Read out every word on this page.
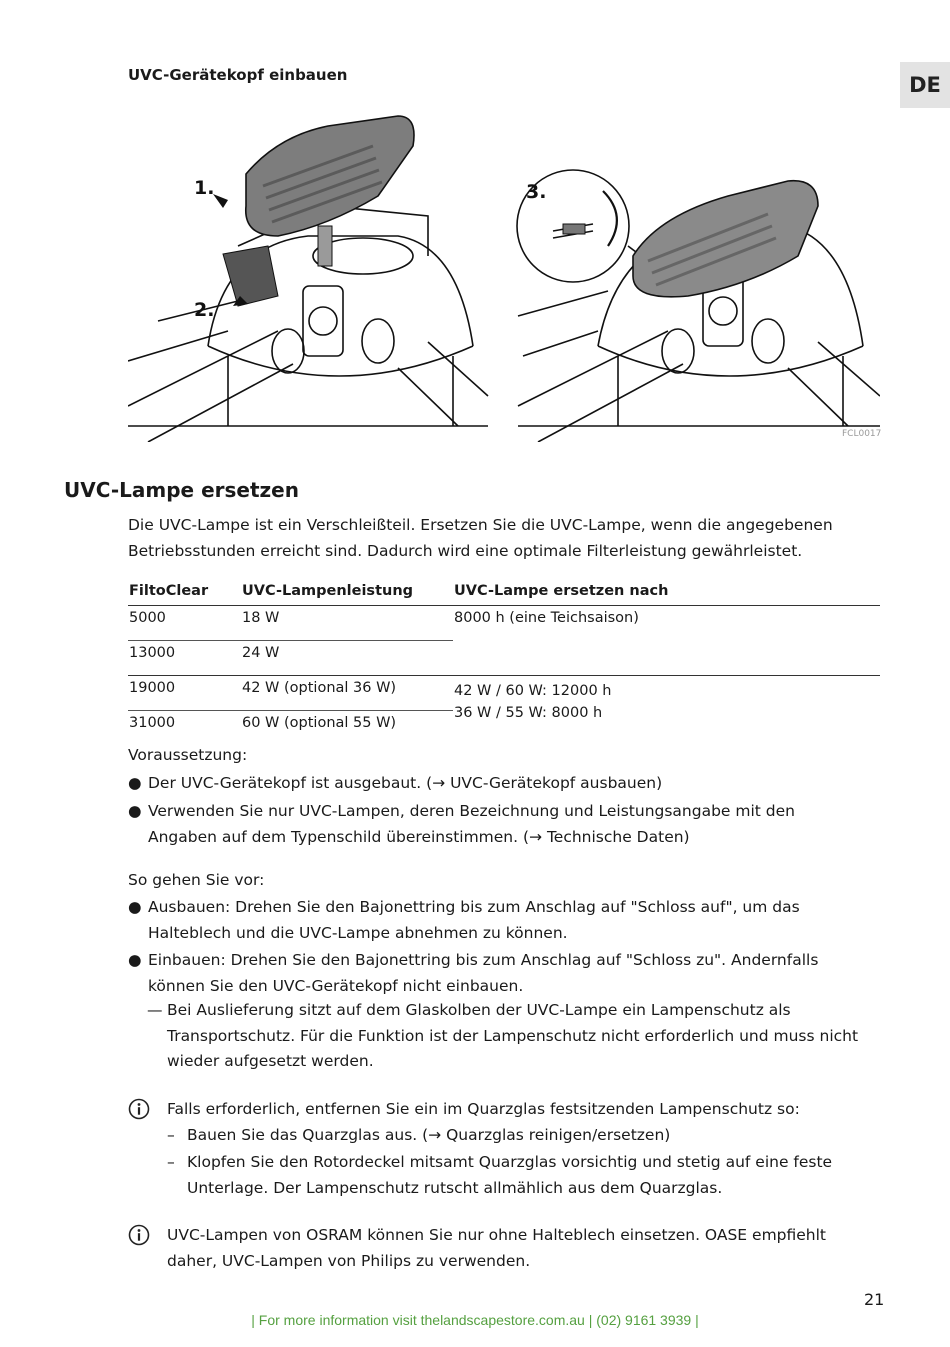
DE
UVC-Gerätekopf einbauen
1.
2.
3.
FCL0017
UVC-Lampe ersetzen
Die UVC-Lampe ist ein Verschleißteil. Ersetzen Sie die UVC-Lampe, wenn die angegebenen Betriebsstunden erreicht sind. Dadurch wird eine optimale Filterleistung gewährleistet.
FiltoClear	UVC-Lampenleistung	UVC-Lampe ersetzen nach
5000	18 W	8000 h (eine Teichsaison)
13000	24 W	
19000	42 W (optional 36 W)	42 W / 60 W: 12000 h
36 W / 55 W: 8000 h

31000	60 W (optional 55 W)	
Voraussetzung:
● Der UVC-Gerätekopf ist ausgebaut. (→ UVC-Gerätekopf ausbauen)
● Verwenden Sie nur UVC-Lampen, deren Bezeichnung und Leistungsangabe mit den Angaben auf dem Typenschild übereinstimmen. (→ Technische Daten)
So gehen Sie vor:
● Ausbauen: Drehen Sie den Bajonettring bis zum Anschlag auf "Schloss auf", um das Halteblech und die UVC-Lampe abnehmen zu können.
● Einbauen: Drehen Sie den Bajonettring bis zum Anschlag auf "Schloss zu". Andernfalls können Sie den UVC-Gerätekopf nicht einbauen.
— Bei Auslieferung sitzt auf dem Glaskolben der UVC-Lampe ein Lampenschutz als Transportschutz. Für die Funktion ist der Lampenschutz nicht erforderlich und muss nicht wieder aufgesetzt werden.
Falls erforderlich, entfernen Sie ein im Quarzglas festsitzenden Lampenschutz so:
– Bauen Sie das Quarzglas aus. (→ Quarzglas reinigen/ersetzen)
– Klopfen Sie den Rotordeckel mitsamt Quarzglas vorsichtig und stetig auf eine feste Unterlage. Der Lampenschutz rutscht allmählich aus dem Quarzglas.
UVC-Lampen von OSRAM können Sie nur ohne Halteblech einsetzen. OASE empfiehlt daher, UVC-Lampen von Philips zu verwenden.
21
| For more information visit thelandscapestore.com.au | (02) 9161 3939 |
